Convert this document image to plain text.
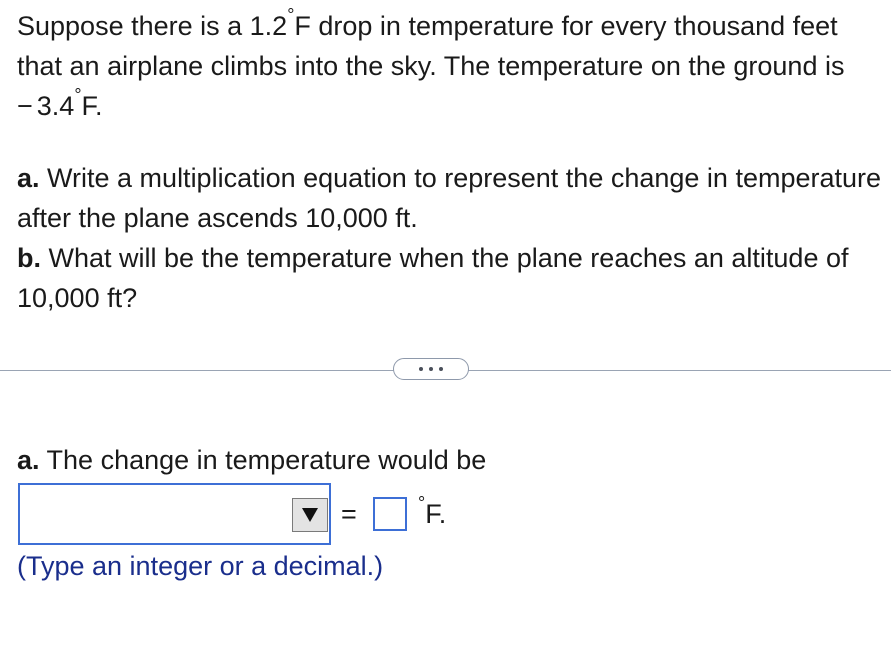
Suppose there is a 1.2°F drop in temperature for every thousand feet that an airplane climbs into the sky. The temperature on the ground is − 3.4°F.

a. Write a multiplication equation to represent the change in temperature after the plane ascends 10,000 ft.

b. What will be the temperature when the plane reaches an altitude of 10,000 ft?

a. The change in temperature would be
=	°F.
(Type an integer or a decimal.)
